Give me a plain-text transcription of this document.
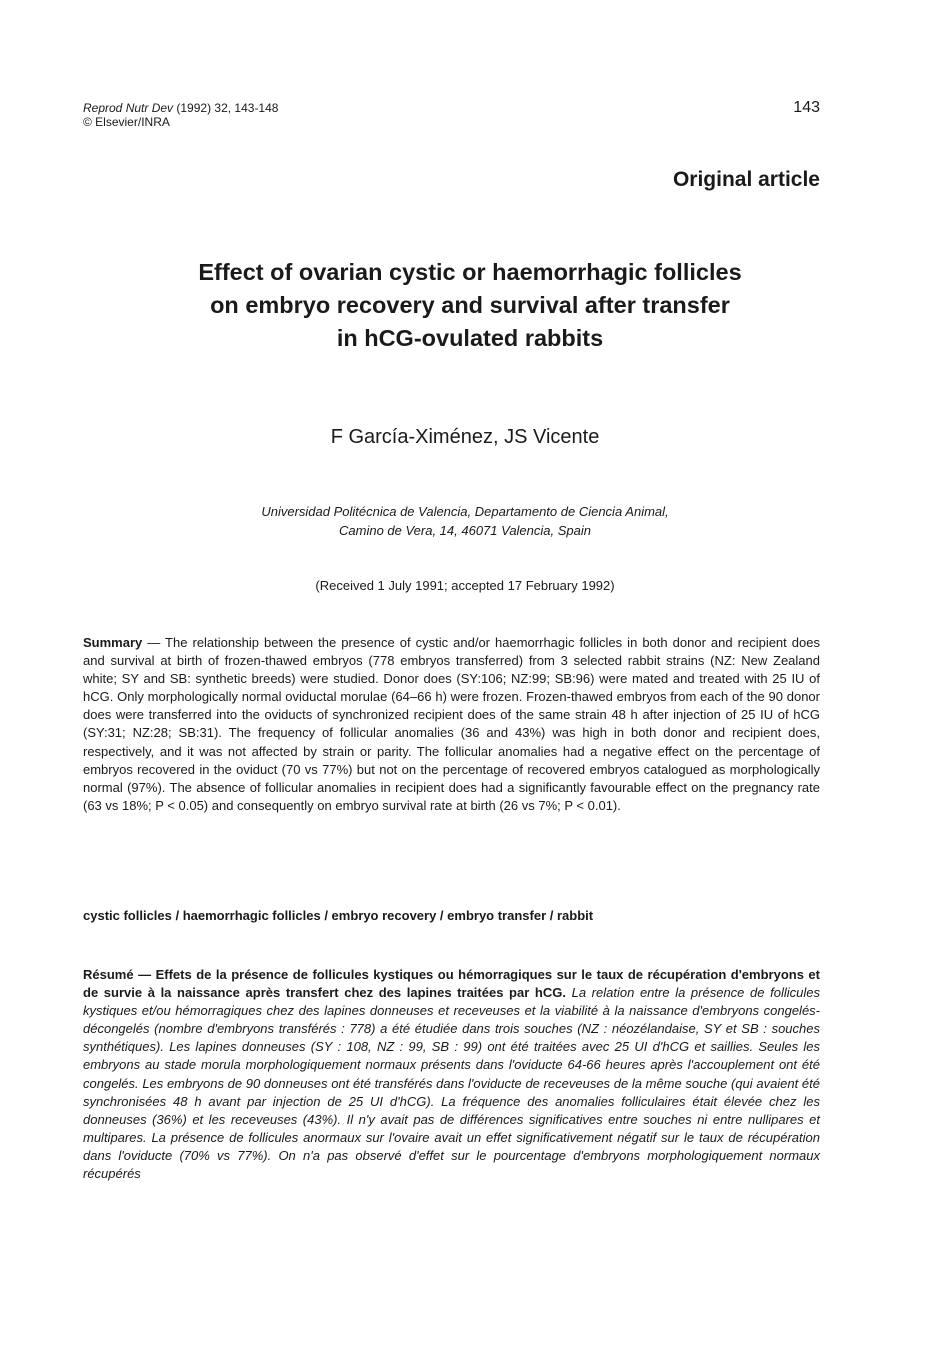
Reprod Nutr Dev (1992) 32, 143-148
© Elsevier/INRA
143
Original article
Effect of ovarian cystic or haemorrhagic follicles
on embryo recovery and survival after transfer
in hCG-ovulated rabbits
F García-Ximénez, JS Vicente
Universidad Politécnica de Valencia, Departamento de Ciencia Animal,
Camino de Vera, 14, 46071 Valencia, Spain
(Received 1 July 1991; accepted 17 February 1992)
Summary — The relationship between the presence of cystic and/or haemorrhagic follicles in both donor and recipient does and survival at birth of frozen-thawed embryos (778 embryos transferred) from 3 selected rabbit strains (NZ: New Zealand white; SY and SB: synthetic breeds) were studied. Donor does (SY:106; NZ:99; SB:96) were mated and treated with 25 IU of hCG. Only morphologically normal oviductal morulae (64–66 h) were frozen. Frozen-thawed embryos from each of the 90 donor does were transferred into the oviducts of synchronized recipient does of the same strain 48 h after injection of 25 IU of hCG (SY:31; NZ:28; SB:31). The frequency of follicular anomalies (36 and 43%) was high in both donor and recipient does, respectively, and it was not affected by strain or parity. The follicular anomalies had a negative effect on the percentage of embryos recovered in the oviduct (70 vs 77%) but not on the percentage of recovered embryos catalogued as morphologically normal (97%). The absence of follicular anomalies in recipient does had a significantly favourable effect on the pregnancy rate (63 vs 18%; P < 0.05) and consequently on embryo survival rate at birth (26 vs 7%; P < 0.01).
cystic follicles / haemorrhagic follicles / embryo recovery / embryo transfer / rabbit
Résumé — Effets de la présence de follicules kystiques ou hémorragiques sur le taux de récupération d'embryons et de survie à la naissance après transfert chez des lapines traitées par hCG. La relation entre la présence de follicules kystiques et/ou hémorragiques chez des lapines donneuses et receveuses et la viabilité à la naissance d'embryons congelés-décongelés (nombre d'embryons transférés : 778) a été étudiée dans trois souches (NZ : néozélandaise, SY et SB : souches synthétiques). Les lapines donneuses (SY : 108, NZ : 99, SB : 99) ont été traitées avec 25 UI d'hCG et saillies. Seules les embryons au stade morula morphologiquement normaux présents dans l'oviducte 64-66 heures après l'accouplement ont été congelés. Les embryons de 90 donneuses ont été transférés dans l'oviducte de receveuses de la même souche (qui avaient été synchronisées 48 h avant par injection de 25 UI d'hCG). La fréquence des anomalies folliculaires était élevée chez les donneuses (36%) et les receveuses (43%). Il n'y avait pas de différences significatives entre souches ni entre nullipares et multipares. La présence de follicules anormaux sur l'ovaire avait un effet significativement négatif sur le taux de récupération dans l'oviducte (70% vs 77%). On n'a pas observé d'effet sur le pourcentage d'embryons morphologiquement normaux récupérés
